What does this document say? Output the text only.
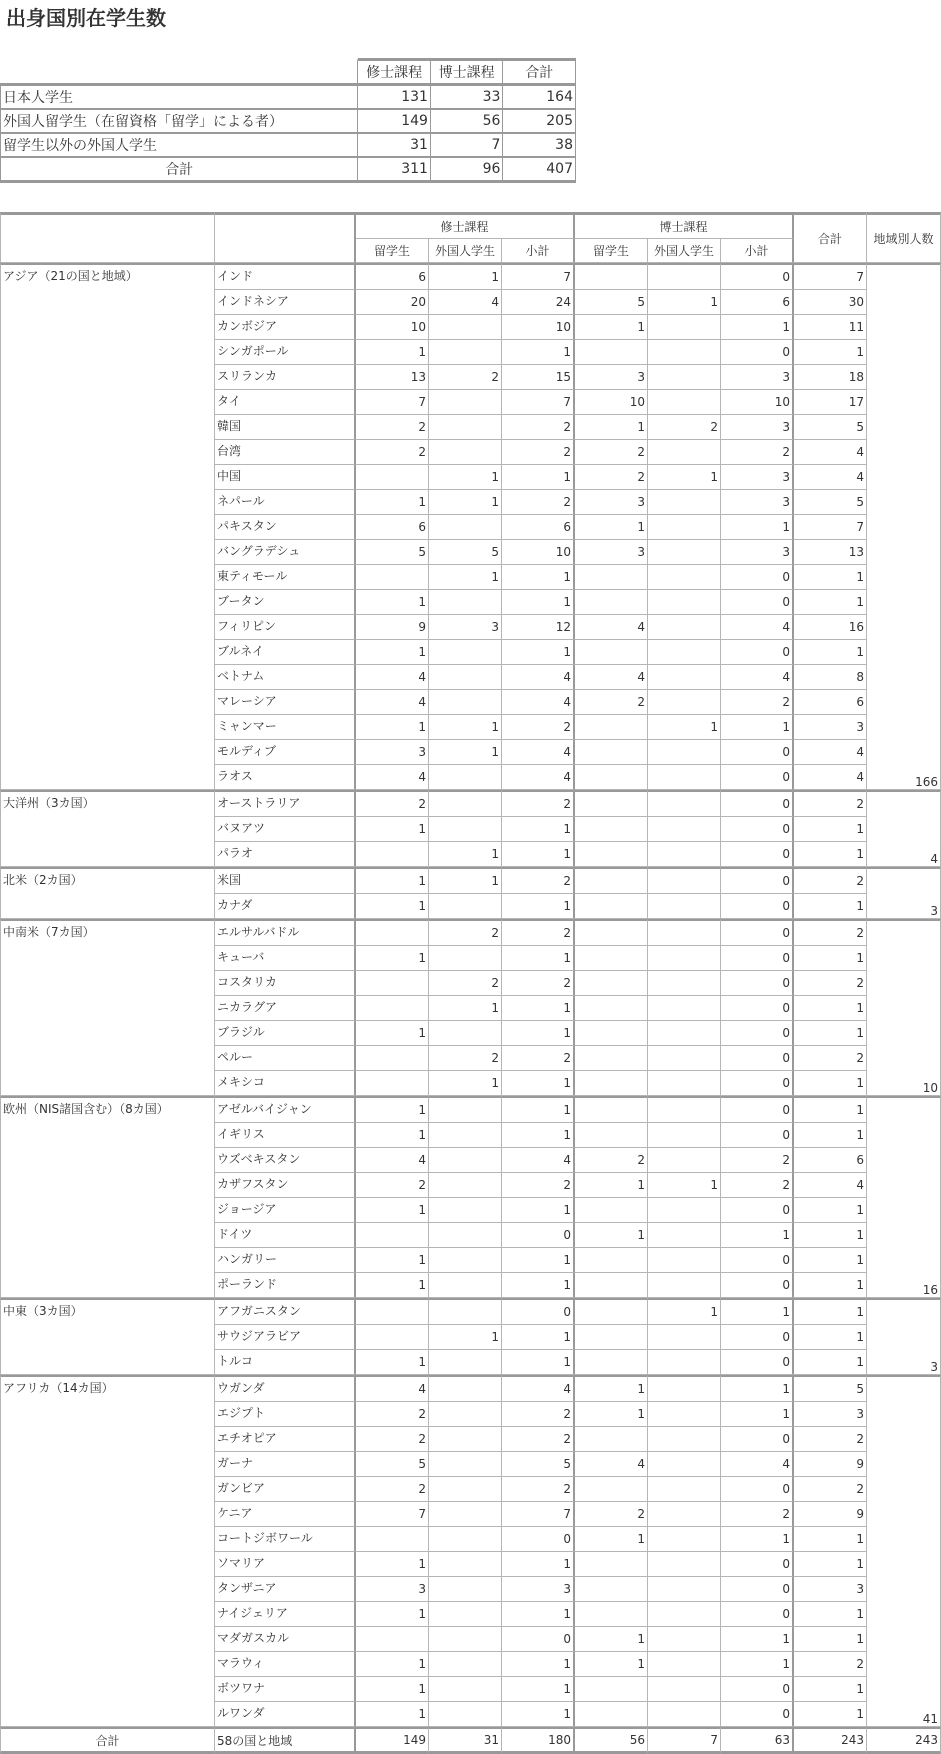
出身国別在学生数
	修士課程	博士課程	合計
日本人学生	131	33	164
外国人留学生（在留資格「留学」による者）	149	56	205
留学生以外の外国人学生	31	7	38
合計	311	96	407
		修士課程			博士課程			合計	地域別人数
		留学生	外国人学生	小計	留学生	外国人学生	小計		
アジア（21の国と地域）	インド	6	1	7			0	7	166
	インドネシア	20	4	24	5	1	6	30	
	カンボジア	10		10	1		1	11	
	シンガポール	1		1			0	1	
	スリランカ	13	2	15	3		3	18	
	タイ	7		7	10		10	17	
	韓国	2		2	1	2	3	5	
	台湾	2		2	2		2	4	
	中国		1	1	2	1	3	4	
	ネパール	1	1	2	3		3	5	
	パキスタン	6		6	1		1	7	
	バングラデシュ	5	5	10	3		3	13	
	東ティモール		1	1			0	1	
	ブータン	1		1			0	1	
	フィリピン	9	3	12	4		4	16	
	ブルネイ	1		1			0	1	
	ベトナム	4		4	4		4	8	
	マレーシア	4		4	2		2	6	
	ミャンマー	1	1	2		1	1	3	
	モルディブ	3	1	4			0	4	
	ラオス	4		4			0	4	
大洋州（3カ国）	オーストラリア	2		2			0	2	4
	バヌアツ	1		1			0	1	
	パラオ		1	1			0	1	
北米（2カ国）	米国	1	1	2			0	2	3
	カナダ	1		1			0	1	
中南米（7カ国）	エルサルバドル		2	2			0	2	10
	キューバ	1		1			0	1	
	コスタリカ		2	2			0	2	
	ニカラグア		1	1			0	1	
	ブラジル	1		1			0	1	
	ペルー		2	2			0	2	
	メキシコ		1	1			0	1	
欧州（NIS諸国含む）（8カ国）	アゼルバイジャン	1		1			0	1	16
	イギリス	1		1			0	1	
	ウズベキスタン	4		4	2		2	6	
	カザフスタン	2		2	1	1	2	4	
	ジョージア	1		1			0	1	
	ドイツ			0	1		1	1	
	ハンガリー	1		1			0	1	
	ポーランド	1		1			0	1	
中東（3カ国）	アフガニスタン			0		1	1	1	3
	サウジアラビア		1	1			0	1	
	トルコ	1		1			0	1	
アフリカ（14カ国）	ウガンダ	4		4	1		1	5	41
	エジプト	2		2	1		1	3	
	エチオピア	2		2			0	2	
	ガーナ	5		5	4		4	9	
	ガンビア	2		2			0	2	
	ケニア	7		7	2		2	9	
	コートジボワール			0	1		1	1	
	ソマリア	1		1			0	1	
	タンザニア	3		3			0	3	
	ナイジェリア	1		1			0	1	
	マダガスカル			0	1		1	1	
	マラウィ	1		1	1		1	2	
	ボツワナ	1		1			0	1	
	ルワンダ	1		1			0	1	
合計	58の国と地域	149	31	180	56	7	63	243	243
